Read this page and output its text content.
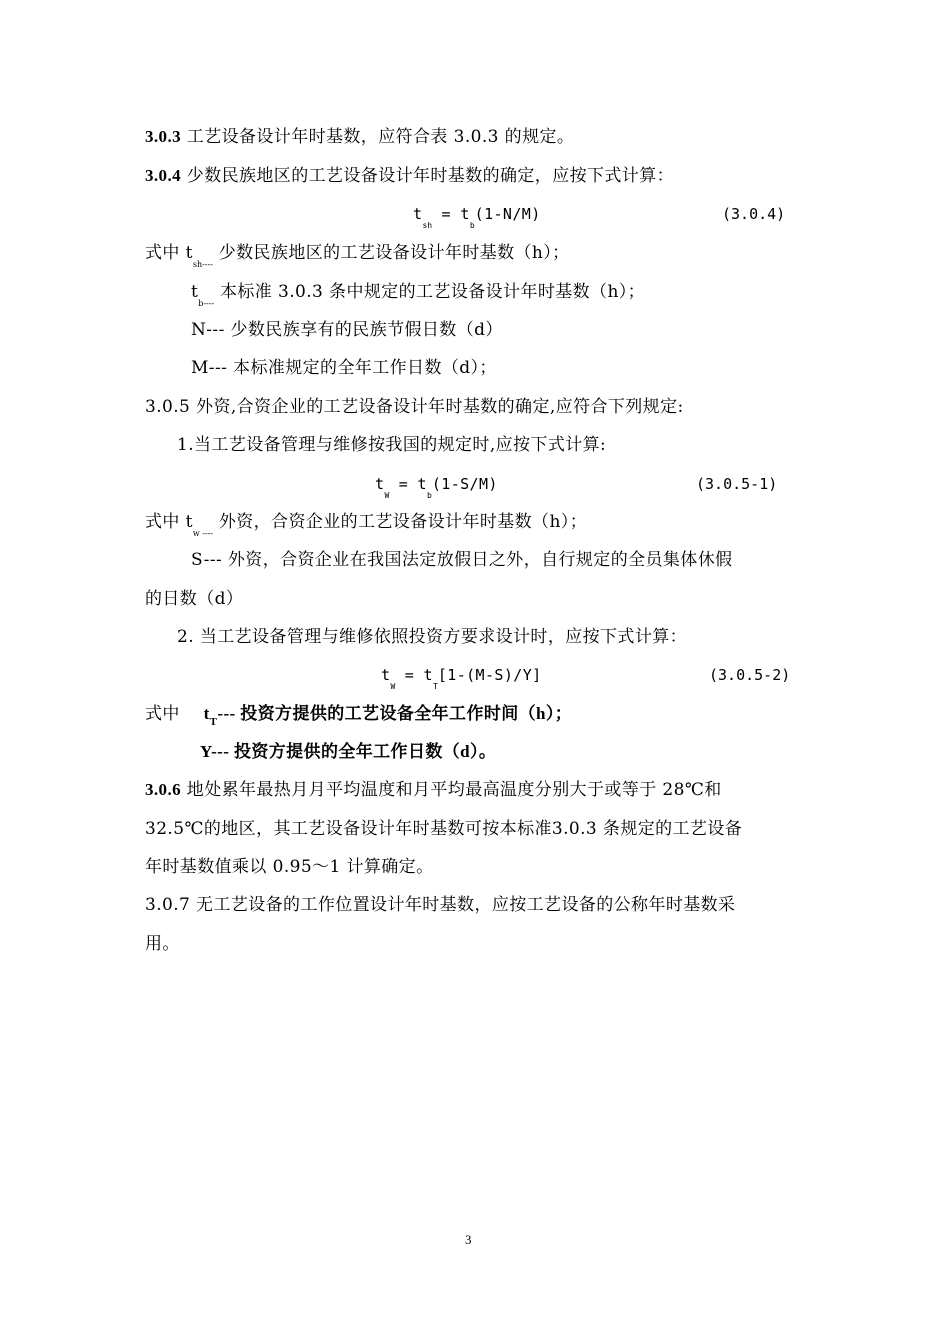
3.0.3 工艺设备设计年时基数，应符合表 3.0.3 的规定。
3.0.4 少数民族地区的工艺设备设计年时基数的确定，应按下式计算：
$t_{sh} = t_b(1-N/M)$	(3.0.4)
式中 $t_{sh----}$ 少数民族地区的工艺设备设计年时基数（h）；
$t_{b----}$ 本标准 3.0.3 条中规定的工艺设备设计年时基数（h）；
N--- 少数民族享有的民族节假日数（d）
M--- 本标准规定的全年工作日数（d）；
3.0.5 外资,合资企业的工艺设备设计年时基数的确定,应符合下列规定:
1.当工艺设备管理与维修按我国的规定时,应按下式计算:
$t_W = t_b(1-S/M)$	(3.0.5-1)
式中 $t_{w ----}$ 外资，合资企业的工艺设备设计年时基数（h）；
S--- 外资，合资企业在我国法定放假日之外，自行规定的全员集体休假
的日数（d）
2. 当工艺设备管理与维修依照投资方要求设计时，应按下式计算：
$t_W = t_T[1-(M-S)/Y]$	(3.0.5-2)
式中 $t_T---$ 投资方提供的工艺设备全年工作时间（h）；
Y--- 投资方提供的全年工作日数（d）。
3.0.6 地处累年最热月月平均温度和月平均最高温度分别大于或等于 28℃和
32.5℃的地区，其工艺设备设计年时基数可按本标准3.0.3 条规定的工艺设备
年时基数值乘以 0.95～1 计算确定。
3.0.7 无工艺设备的工作位置设计年时基数，应按工艺设备的公称年时基数采
用。
3
